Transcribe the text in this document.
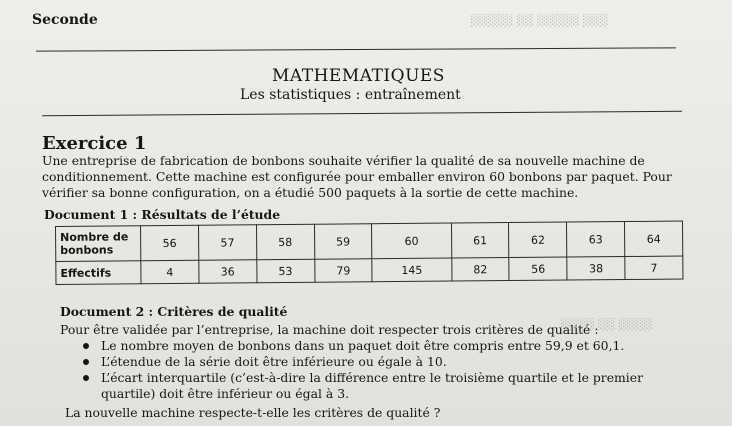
░░░ ░░░░░ ░░ ░░░░░
░░░░ ░░ ░░░░
Seconde
MATHEMATIQUES
Les statistiques : entraînement
Exercice 1
Une entreprise de fabrication de bonbons souhaite vérifier la qualité de sa nouvelle machine de conditionnement. Cette machine est configurée pour emballer environ 60 bonbons par paquet. Pour vérifier sa bonne configuration, on a étudié 500 paquets à la sortie de cette machine.
Document 1 : Résultats de l’étude
Nombre de bonbons	56	57	58	59	60	61	62	63	64
Effectifs	4	36	53	79	145	82	56	38	7
Document 2 : Critères de qualité
Pour être validée par l’entreprise, la machine doit respecter trois critères de qualité :
Le nombre moyen de bonbons dans un paquet doit être compris entre 59,9 et 60,1.
L’étendue de la série doit être inférieure ou égale à 10.
L’écart interquartile (c’est-à-dire la différence entre le troisième quartile et le premier quartile) doit être inférieur ou égal à 3.
La nouvelle machine respecte-t-elle les critères de qualité ?
